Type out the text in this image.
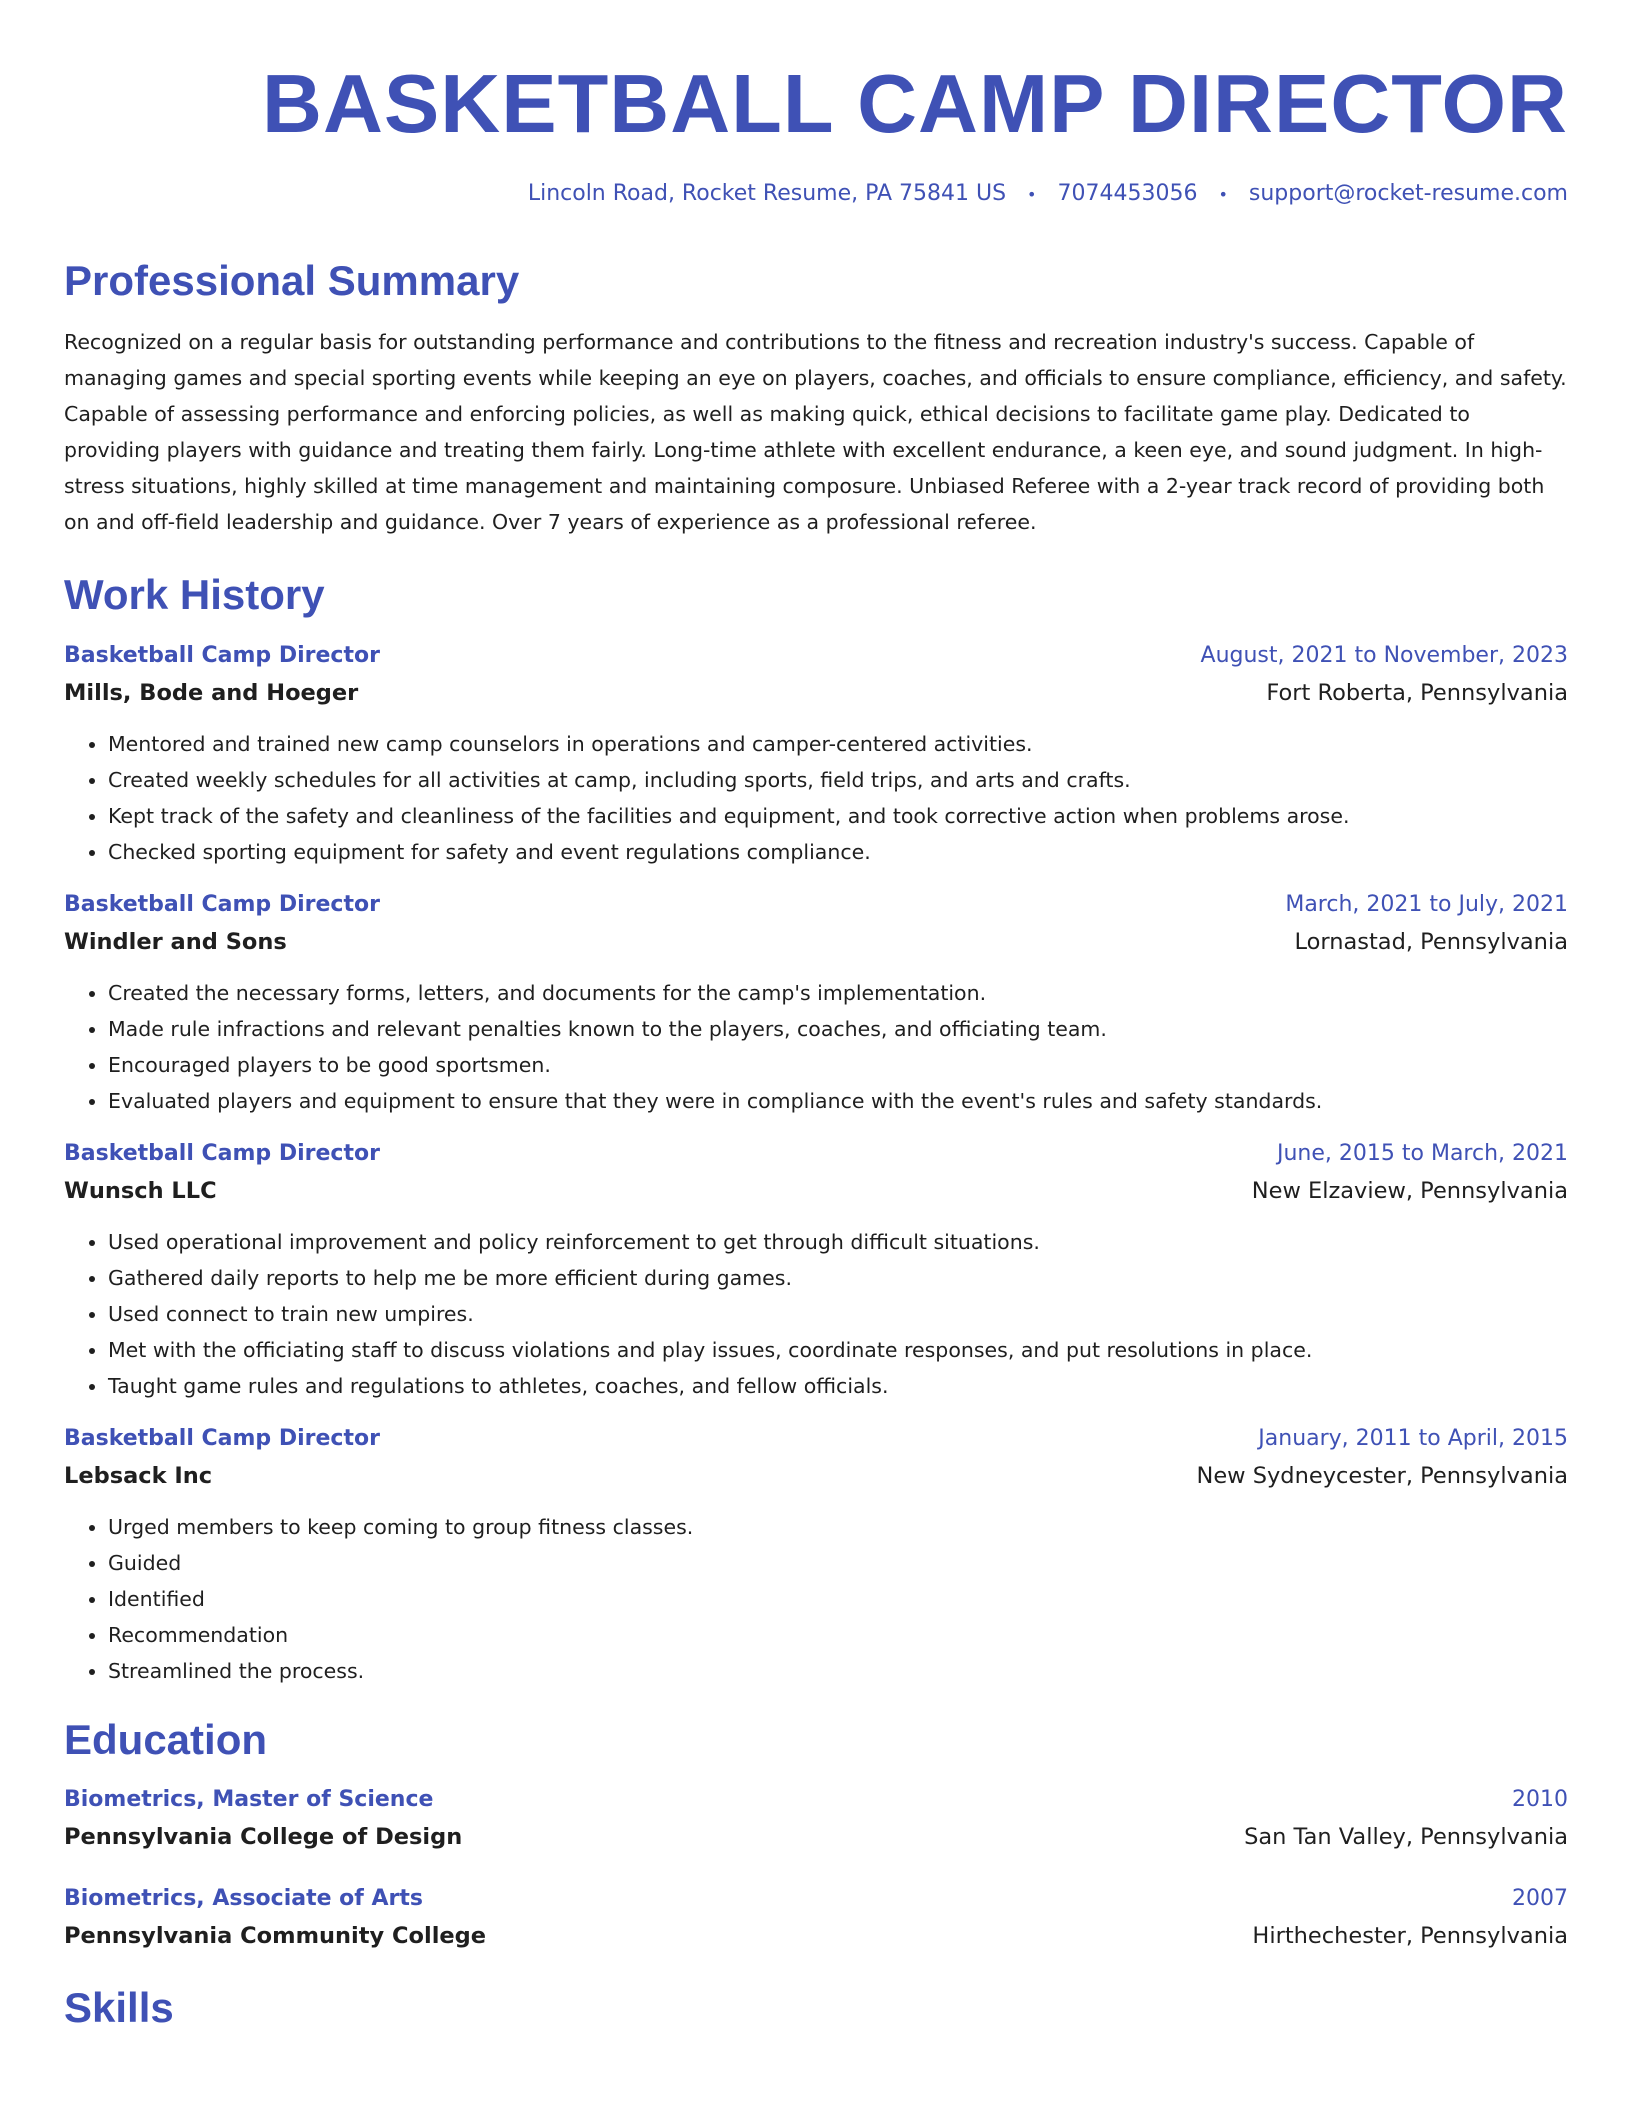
BASKETBALL CAMP DIRECTOR
Lincoln Road, Rocket Resume, PA 75841 US • 7074453056 • support@rocket-resume.com
Professional Summary

Recognized on a regular basis for outstanding performance and contributions to the fitness and recreation industry's success. Capable of managing games and special sporting events while keeping an eye on players, coaches, and officials to ensure compliance, efficiency, and safety. Capable of assessing performance and enforcing policies, as well as making quick, ethical decisions to facilitate game play. Dedicated to providing players with guidance and treating them fairly. Long-time athlete with excellent endurance, a keen eye, and sound judgment. In high-stress situations, highly skilled at time management and maintaining composure. Unbiased Referee with a 2-year track record of providing both on and off-field leadership and guidance. Over 7 years of experience as a professional referee.

Work History
Basketball Camp Director	August, 2021 to November, 2023
Mills, Bode and Hoeger	Fort Roberta, Pennsylvania
• Mentored and trained new camp counselors in operations and camper-centered activities.
• Created weekly schedules for all activities at camp, including sports, field trips, and arts and crafts.
• Kept track of the safety and cleanliness of the facilities and equipment, and took corrective action when problems arose.
• Checked sporting equipment for safety and event regulations compliance.
Basketball Camp Director	March, 2021 to July, 2021
Windler and Sons	Lornastad, Pennsylvania
• Created the necessary forms, letters, and documents for the camp's implementation.
• Made rule infractions and relevant penalties known to the players, coaches, and officiating team.
• Encouraged players to be good sportsmen.
• Evaluated players and equipment to ensure that they were in compliance with the event's rules and safety standards.
Basketball Camp Director	June, 2015 to March, 2021
Wunsch LLC	New Elzaview, Pennsylvania
• Used operational improvement and policy reinforcement to get through difficult situations.
• Gathered daily reports to help me be more efficient during games.
• Used connect to train new umpires.
• Met with the officiating staff to discuss violations and play issues, coordinate responses, and put resolutions in place.
• Taught game rules and regulations to athletes, coaches, and fellow officials.
Basketball Camp Director	January, 2011 to April, 2015
Lebsack Inc	New Sydneycester, Pennsylvania
• Urged members to keep coming to group fitness classes.
• Guided
• Identified
• Recommendation
• Streamlined the process.
Education
Biometrics, Master of Science	2010
Pennsylvania College of Design	San Tan Valley, Pennsylvania
Biometrics, Associate of Arts	2007
Pennsylvania Community College	Hirthechester, Pennsylvania
Skills
